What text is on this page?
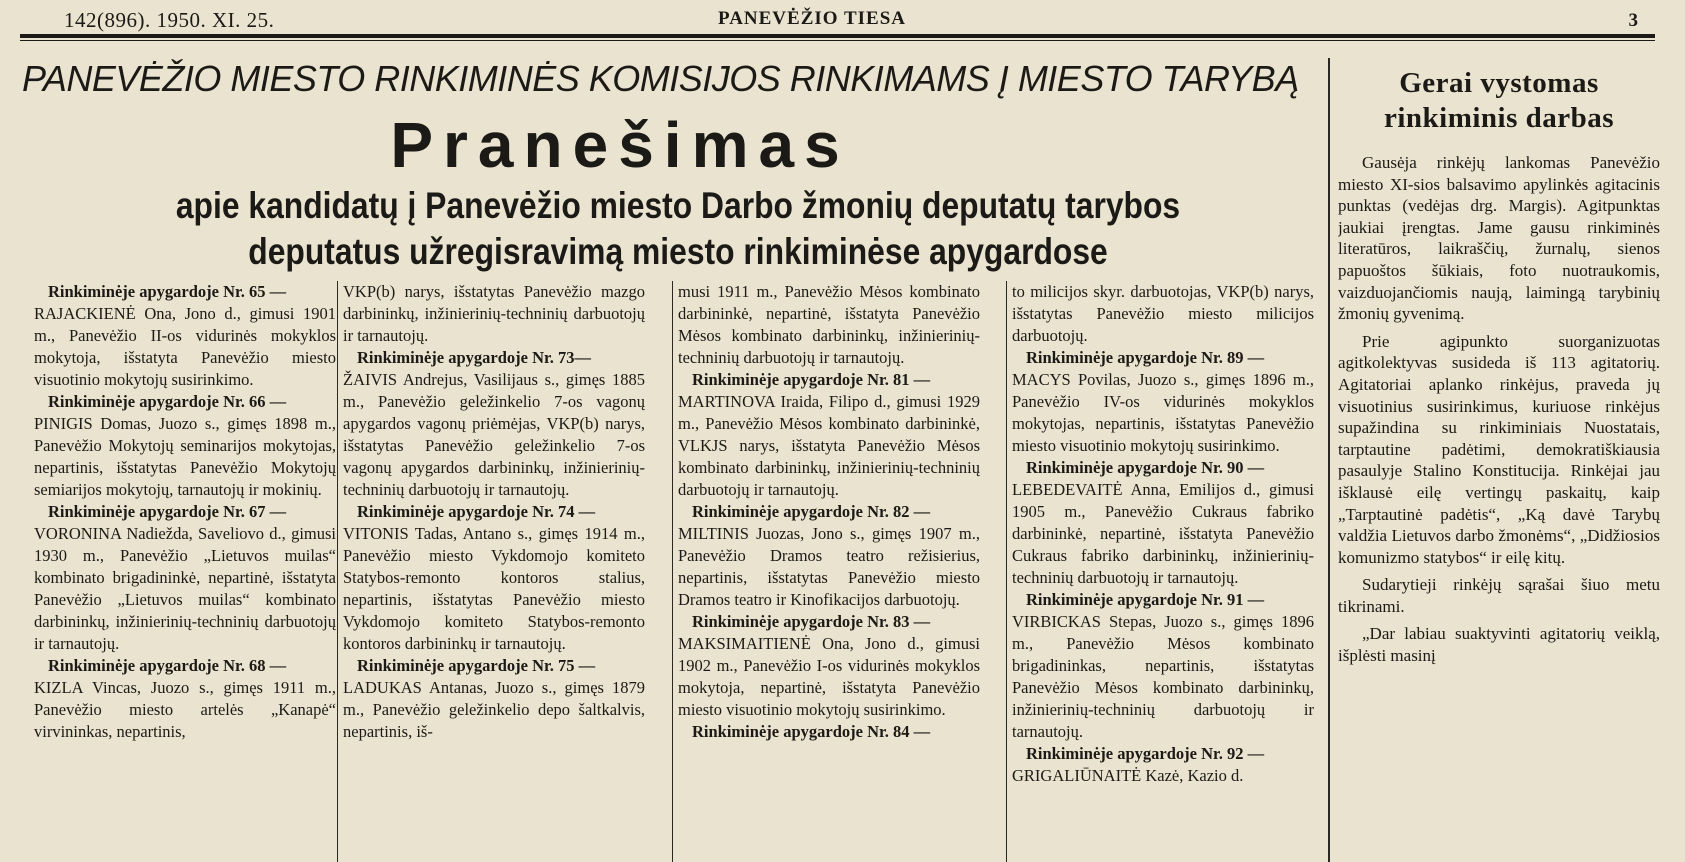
142(896). 1950. XI. 25.	PANEVĖŽIO TIESA	3
PANEVĖŽIO MIESTO RINKIMINĖS KOMISIJOS RINKIMAMS Į MIESTO TARYBĄ
Pranešimas
apie kandidatų į Panevėžio miesto Darbo žmonių deputatų tarybos
deputatus užregisravimą miesto rinkiminėse apygardose

Rinkiminėje apygardoje Nr. 65 —

RAJACKIENĖ Ona, Jono d., gimusi 1901 m., Panevėžio II-os vidurinės mokyklos mokytoja, išstatyta Panevėžio miesto visuotinio mokytojų susirinkimo.

Rinkiminėje apygardoje Nr. 66 —

PINIGIS Domas, Juozo s., gimęs 1898 m., Panevėžio Mokytojų seminarijos mokytojas, nepartinis, išstatytas Panevėžio Mokytojų semiarijos mokytojų, tarnautojų ir mokinių.

Rinkiminėje apygardoje Nr. 67 —

VORONINA Nadiežda, Saveliovo d., gimusi 1930 m., Panevėžio „Lietuvos muilas“ kombinato brigadininkė, nepartinė, išstatyta Panevėžio „Lietuvos muilas“ kombinato darbininkų, inžinierinių-techninių darbuotojų ir tarnautojų.

Rinkiminėje apygardoje Nr. 68 —

KIZLA Vincas, Juozo s., gimęs 1911 m., Panevėžio miesto artelės „Kanapė“ virvininkas, nepartinis,

VKP(b) narys, išstatytas Panevėžio mazgo darbininkų, inžinierinių-techninių darbuotojų ir tarnautojų.

Rinkiminėje apygardoje Nr. 73—

ŽAIVIS Andrejus, Vasilijaus s., gimęs 1885 m., Panevėžio geležinkelio 7-os vagonų apygardos vagonų priėmėjas, VKP(b) narys, išstatytas Panevėžio geležinkelio 7-os vagonų apygardos darbininkų, inžinierinių-techninių darbuotojų ir tarnautojų.

Rinkiminėje apygardoje Nr. 74 —

VITONIS Tadas, Antano s., gimęs 1914 m., Panevėžio miesto Vykdomojo komiteto Statybos-remonto kontoros stalius, nepartinis, išstatytas Panevėžio miesto Vykdomojo komiteto Statybos-remonto kontoros darbininkų ir tarnautojų.

Rinkiminėje apygardoje Nr. 75 —

LADUKAS Antanas, Juozo s., gimęs 1879 m., Panevėžio geležinkelio depo šaltkalvis, nepartinis, iš-

musi 1911 m., Panevėžio Mėsos kombinato darbininkė, nepartinė, išstatyta Panevėžio Mėsos kombinato darbininkų, inžinierinių-techninių darbuotojų ir tarnautojų.

Rinkiminėje apygardoje Nr. 81 —

MARTINOVA Iraida, Filipo d., gimusi 1929 m., Panevėžio Mėsos kombinato darbininkė, VLKJS narys, išstatyta Panevėžio Mėsos kombinato darbininkų, inžinierinių-techninių darbuotojų ir tarnautojų.

Rinkiminėje apygardoje Nr. 82 —

MILTINIS Juozas, Jono s., gimęs 1907 m., Panevėžio Dramos teatro režisierius, nepartinis, išstatytas Panevėžio miesto Dramos teatro ir Kinofikacijos darbuotojų.

Rinkiminėje apygardoje Nr. 83 —

MAKSIMAITIENĖ Ona, Jono d., gimusi 1902 m., Panevėžio I-os vidurinės mokyklos mokytoja, nepartinė, išstatyta Panevėžio miesto visuotinio mokytojų susirinkimo.

Rinkiminėje apygardoje Nr. 84 —

to milicijos skyr. darbuotojas, VKP(b) narys, išstatytas Panevėžio miesto milicijos darbuotojų.

Rinkiminėje apygardoje Nr. 89 —

MACYS Povilas, Juozo s., gimęs 1896 m., Panevėžio IV-os vidurinės mokyklos mokytojas, nepartinis, išstatytas Panevėžio miesto visuotinio mokytojų susirinkimo.

Rinkiminėje apygardoje Nr. 90 —

LEBEDEVAITĖ Anna, Emilijos d., gimusi 1905 m., Panevėžio Cukraus fabriko darbininkė, nepartinė, išstatyta Panevėžio Cukraus fabriko darbininkų, inžinierinių-techninių darbuotojų ir tarnautojų.

Rinkiminėje apygardoje Nr. 91 —

VIRBICKAS Stepas, Juozo s., gimęs 1896 m., Panevėžio Mėsos kombinato brigadininkas, nepartinis, išstatytas Panevėžio Mėsos kombinato darbininkų, inžinierinių-techninių darbuotojų ir tarnautojų.

Rinkiminėje apygardoje Nr. 92 —

GRIGALIŪNAITĖ Kazė, Kazio d.

Gerai vystomas
rinkiminis darbas

Gausėja rinkėjų lankomas Panevėžio miesto XI-sios balsavimo apylinkės agitacinis punktas (vedėjas drg. Margis). Agitpunktas jaukiai įrengtas. Jame gausu rinkiminės literatūros, laikraščių, žurnalų, sienos papuoštos šūkiais, foto nuotraukomis, vaizduojančiomis naują, laimingą tarybinių žmonių gyvenimą.

Prie agipunkto suorganizuotas agitkolektyvas susideda iš 113 agitatorių. Agitatoriai aplanko rinkėjus, praveda jų visuotinius susirinkimus, kuriuose rinkėjus supažindina su rinkiminiais Nuostatais, tarptautine padėtimi, demokratiškiausia pasaulyje Stalino Konstitucija. Rinkėjai jau išklausė eilę vertingų paskaitų, kaip „Tarptautinė padėtis“, „Ką davė Tarybų valdžia Lietuvos darbo žmonėms“, „Didžiosios komunizmo statybos“ ir eilę kitų.

Sudarytieji rinkėjų sąrašai šiuo metu tikrinami.

„Dar labiau suaktyvinti agitatorių veiklą, išplėsti masinį
